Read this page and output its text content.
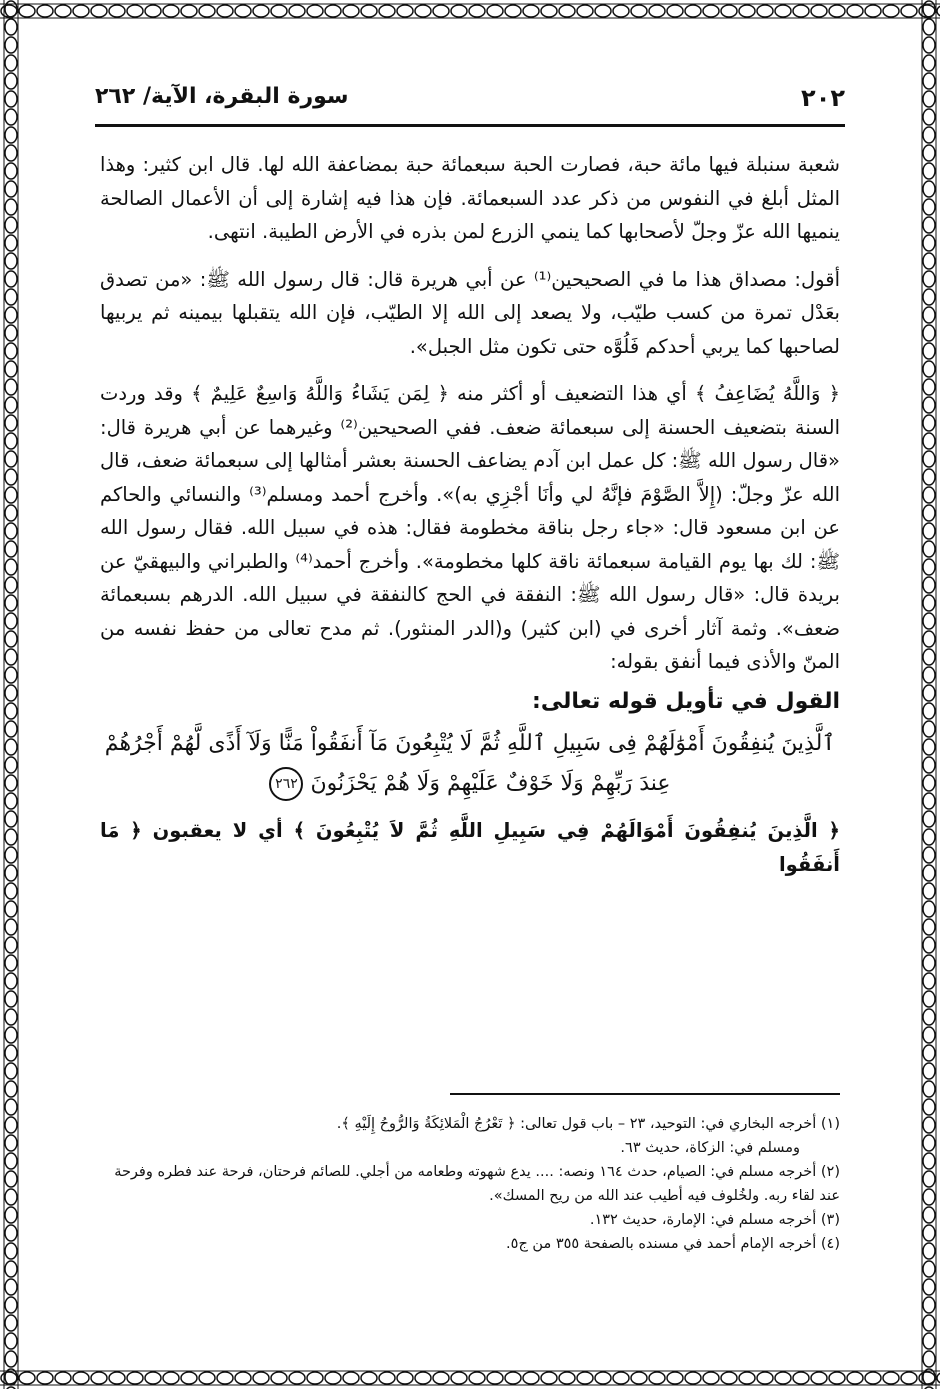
٢٠٢
سورة البقرة، الآية/ ٢٦٢

شعبة سنبلة فيها مائة حبة، فصارت الحبة سبعمائة حبة بمضاعفة الله لها. قال ابن كثير: وهذا المثل أبلغ في النفوس من ذكر عدد السبعمائة. فإن هذا فيه إشارة إلى أن الأعمال الصالحة ينميها الله عزّ وجلّ لأصحابها كما ينمي الزرع لمن بذره في الأرض الطيبة. انتهى.

أقول: مصداق هذا ما في الصحيحين⁽¹⁾ عن أبي هريرة قال: قال رسول الله ﷺ: «من تصدق بعَدْل تمرة من كسب طيّب، ولا يصعد إلى الله إلا الطيّب، فإن الله يتقبلها بيمينه ثم يربيها لصاحبها كما يربي أحدكم فَلُوَّه حتى تكون مثل الجبل».

﴿ وَاللَّهُ يُضَاعِفُ ﴾ أي هذا التضعيف أو أكثر منه ﴿ لِمَن يَشَاءُ وَاللَّهُ وَاسِعٌ عَلِيمٌ ﴾ وقد وردت السنة بتضعيف الحسنة إلى سبعمائة ضعف. ففي الصحيحين⁽²⁾ وغيرهما عن أبي هريرة قال: «قال رسول الله ﷺ: كل عمل ابن آدم يضاعف الحسنة بعشر أمثالها إلى سبعمائة ضعف، قال الله عزّ وجلّ: (إِلاَّ الصَّوْمَ فإنَّهُ لي وأنَا أجْزِي به)». وأخرج أحمد ومسلم⁽³⁾ والنسائي والحاكم عن ابن مسعود قال: «جاء رجل بناقة مخطومة فقال: هذه في سبيل الله. فقال رسول الله ﷺ: لك بها يوم القيامة سبعمائة ناقة كلها مخطومة». وأخرج أحمد⁽⁴⁾ والطبراني والبيهقيّ عن بريدة قال: «قال رسول الله ﷺ: النفقة في الحج كالنفقة في سبيل الله. الدرهم بسبعمائة ضعف». وثمة آثار أخرى في (ابن كثير) و(الدر المنثور). ثم مدح تعالى من حفظ نفسه من المنّ والأذى فيما أنفق بقوله:

القول في تأويل قوله تعالى:

ٱلَّذِينَ يُنفِقُونَ أَمْوَٰلَهُمْ فِى سَبِيلِ ٱللَّهِ ثُمَّ لَا يُتْبِعُونَ مَآ أَنفَقُواْ مَنًّا وَلَآ أَذًى لَّهُمْ أَجْرُهُمْ عِندَ رَبِّهِمْ وَلَا خَوْفٌ عَلَيْهِمْ وَلَا هُمْ يَحْزَنُونَ ٢٦٢

﴿ الَّذِينَ يُنفِقُونَ أَمْوَالَهُمْ فِي سَبِيلِ اللَّهِ ثُمَّ لاَ يُتْبِعُونَ ﴾ أي لا يعقبون ﴿ مَا أَنفَقُوا

(١) أخرجه البخاري في: التوحيد، ٢٣ – باب قول تعالى: ﴿ تَعْرُجُ الْمَلائِكَةُ وَالرُّوحُ إِلَيْهِ ﴾.

ومسلم في: الزكاة، حديث ٦٣.

(٢) أخرجه مسلم في: الصيام، حدث ١٦٤ ونصه: .... يدع شهوته وطعامه من أجلي. للصائم فرحتان، فرحة عند فطره وفرحة عند لقاء ربه. ولخُلوف فيه أطيب عند الله من ريح المسك».

(٣) أخرجه مسلم في: الإمارة، حديث ١٣٢.

(٤) أخرجه الإمام أحمد في مسنده بالصفحة ٣٥٥ من ج٥.
